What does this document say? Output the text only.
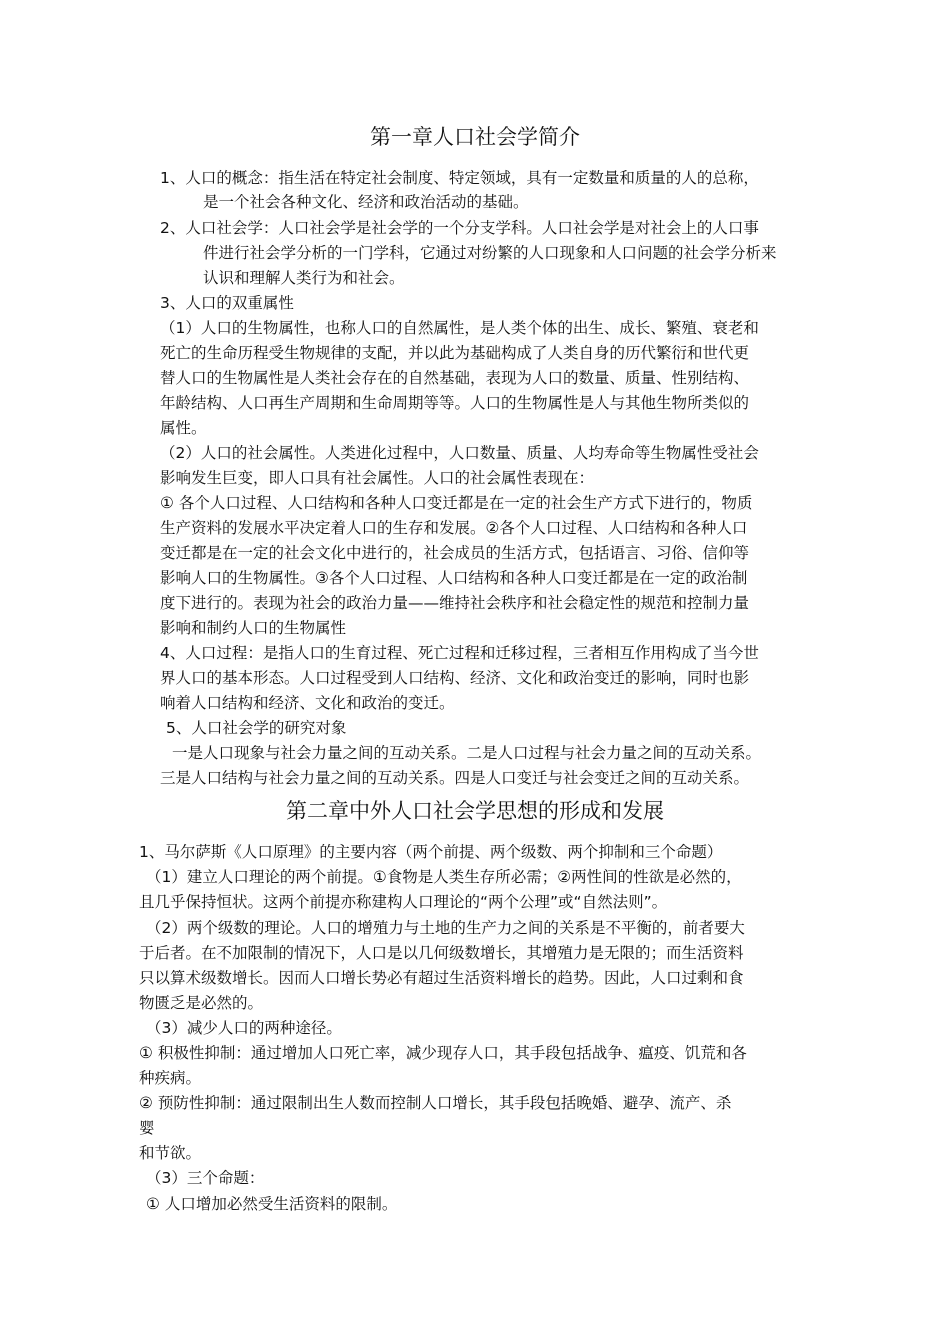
第一章人口社会学简介
1、人口的概念：指生活在特定社会制度、特定领域，具有一定数量和质量的人的总称，
是一个社会各种文化、经济和政治活动的基础。
2、人口社会学：人口社会学是社会学的一个分支学科。人口社会学是对社会上的人口事
件进行社会学分析的一门学科，它通过对纷繁的人口现象和人口问题的社会学分析来
认识和理解人类行为和社会。
3、人口的双重属性
（1）人口的生物属性，也称人口的自然属性，是人类个体的出生、成长、繁殖、衰老和
死亡的生命历程受生物规律的支配，并以此为基础构成了人类自身的历代繁衍和世代更
替人口的生物属性是人类社会存在的自然基础，表现为人口的数量、质量、性别结构、
年龄结构、人口再生产周期和生命周期等等。人口的生物属性是人与其他生物所类似的
属性。
（2）人口的社会属性。人类进化过程中，人口数量、质量、人均寿命等生物属性受社会
影响发生巨变，即人口具有社会属性。人口的社会属性表现在：
① 各个人口过程、人口结构和各种人口变迁都是在一定的社会生产方式下进行的，物质
生产资料的发展水平决定着人口的生存和发展。②各个人口过程、人口结构和各种人口
变迁都是在一定的社会文化中进行的，社会成员的生活方式，包括语言、习俗、信仰等
影响人口的生物属性。③各个人口过程、人口结构和各种人口变迁都是在一定的政治制
度下进行的。表现为社会的政治力量——维持社会秩序和社会稳定性的规范和控制力量
影响和制约人口的生物属性
4、人口过程：是指人口的生育过程、死亡过程和迁移过程，三者相互作用构成了当今世
界人口的基本形态。人口过程受到人口结构、经济、文化和政治变迁的影响，同时也影
响着人口结构和经济、文化和政治的变迁。
5、人口社会学的研究对象
一是人口现象与社会力量之间的互动关系。二是人口过程与社会力量之间的互动关系。
三是人口结构与社会力量之间的互动关系。四是人口变迁与社会变迁之间的互动关系。
第二章中外人口社会学思想的形成和发展
1、马尔萨斯《人口原理》的主要内容（两个前提、两个级数、两个抑制和三个命题）
（1）建立人口理论的两个前提。①食物是人类生存所必需；②两性间的性欲是必然的，
且几乎保持恒状。这两个前提亦称建构人口理论的“两个公理”或“自然法则”。
（2）两个级数的理论。人口的增殖力与土地的生产力之间的关系是不平衡的，前者要大
于后者。在不加限制的情况下，人口是以几何级数增长，其增殖力是无限的；而生活资料
只以算术级数增长。因而人口增长势必有超过生活资料增长的趋势。因此，人口过剩和食
物匮乏是必然的。
（3）减少人口的两种途径。
① 积极性抑制：通过增加人口死亡率，减少现存人口，其手段包括战争、瘟疫、饥荒和各
种疾病。
② 预防性抑制：通过限制出生人数而控制人口增长，其手段包括晚婚、避孕、流产、杀
婴
和节欲。
（3）三个命题：
① 人口增加必然受生活资料的限制。
